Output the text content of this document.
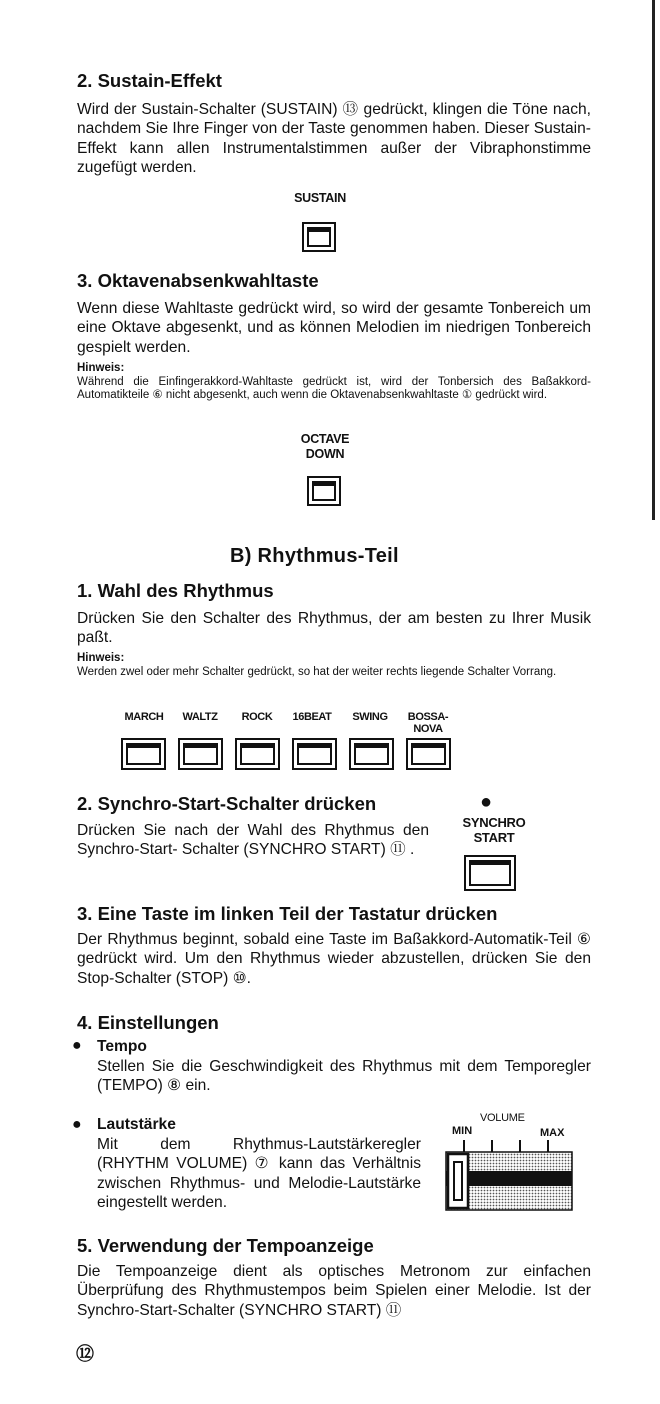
2. Sustain-Effekt

Wird der Sustain-Schalter (SUSTAIN) ⑬ gedrückt, klingen die Töne nach, nachdem Sie Ihre Finger von der Taste genommen haben. Dieser Sustain-Effekt kann allen Instrumentalstimmen außer der Vibraphonstimme zugefügt werden.

SUSTAIN
3. Oktavenabsenkwahltaste

Wenn diese Wahltaste gedrückt wird, so wird der gesamte Tonbereich um eine Oktave abgesenkt, und as können Melodien im niedrigen Tonbereich gespielt werden.

Hinweis:
Während die Einfingerakkord-Wahltaste gedrückt ist, wird der Tonbersich des Baßakkord-Automatikteile ⑥ nicht abgesenkt, auch wenn die Oktavenabsenkwahltaste ① gedrückt wird.
OCTAVE
DOWN
B) Rhythmus-Teil
1. Wahl des Rhythmus

Drücken Sie den Schalter des Rhythmus, der am besten zu Ihrer Musik paßt.

Hinweis:
Werden zwel oder mehr Schalter gedrückt, so hat der weiter rechts liegende Schalter Vorrang.
MARCH	WALTZ	ROCK	16BEAT	SWING	BOSSA-
NOVA
2. Synchro-Start-Schalter drücken

Drücken Sie nach der Wahl des Rhythmus den Synchro-Start- Schalter (SYNCHRO START) ⑪ .

●
SYNCHRO
START
3. Eine Taste im linken Teil der Tastatur drücken

Der Rhythmus beginnt, sobald eine Taste im Baßakkord-Automatik-Teil ⑥ gedrückt wird. Um den Rhythmus wieder abzustellen, drücken Sie den Stop-Schalter (STOP) ⑩.

4. Einstellungen
● Tempo

Stellen Sie die Geschwindigkeit des Rhythmus mit dem Temporegler (TEMPO) ⑧ ein.

● Lautstärke

Mit dem Rhythmus-Lautstärkeregler (RHYTHM VOLUME) ⑦ kann das Verhältnis zwischen Rhythmus- und Melodie-Lautstärke eingestellt werden.

VOLUME
MIN	MAX
5. Verwendung der Tempoanzeige

Die Tempoanzeige dient als optisches Metronom zur einfachen Überprüfung des Rhythmustempos beim Spielen einer Melodie. Ist der Synchro-Start-Schalter (SYNCHRO START) ⑪

⑫
